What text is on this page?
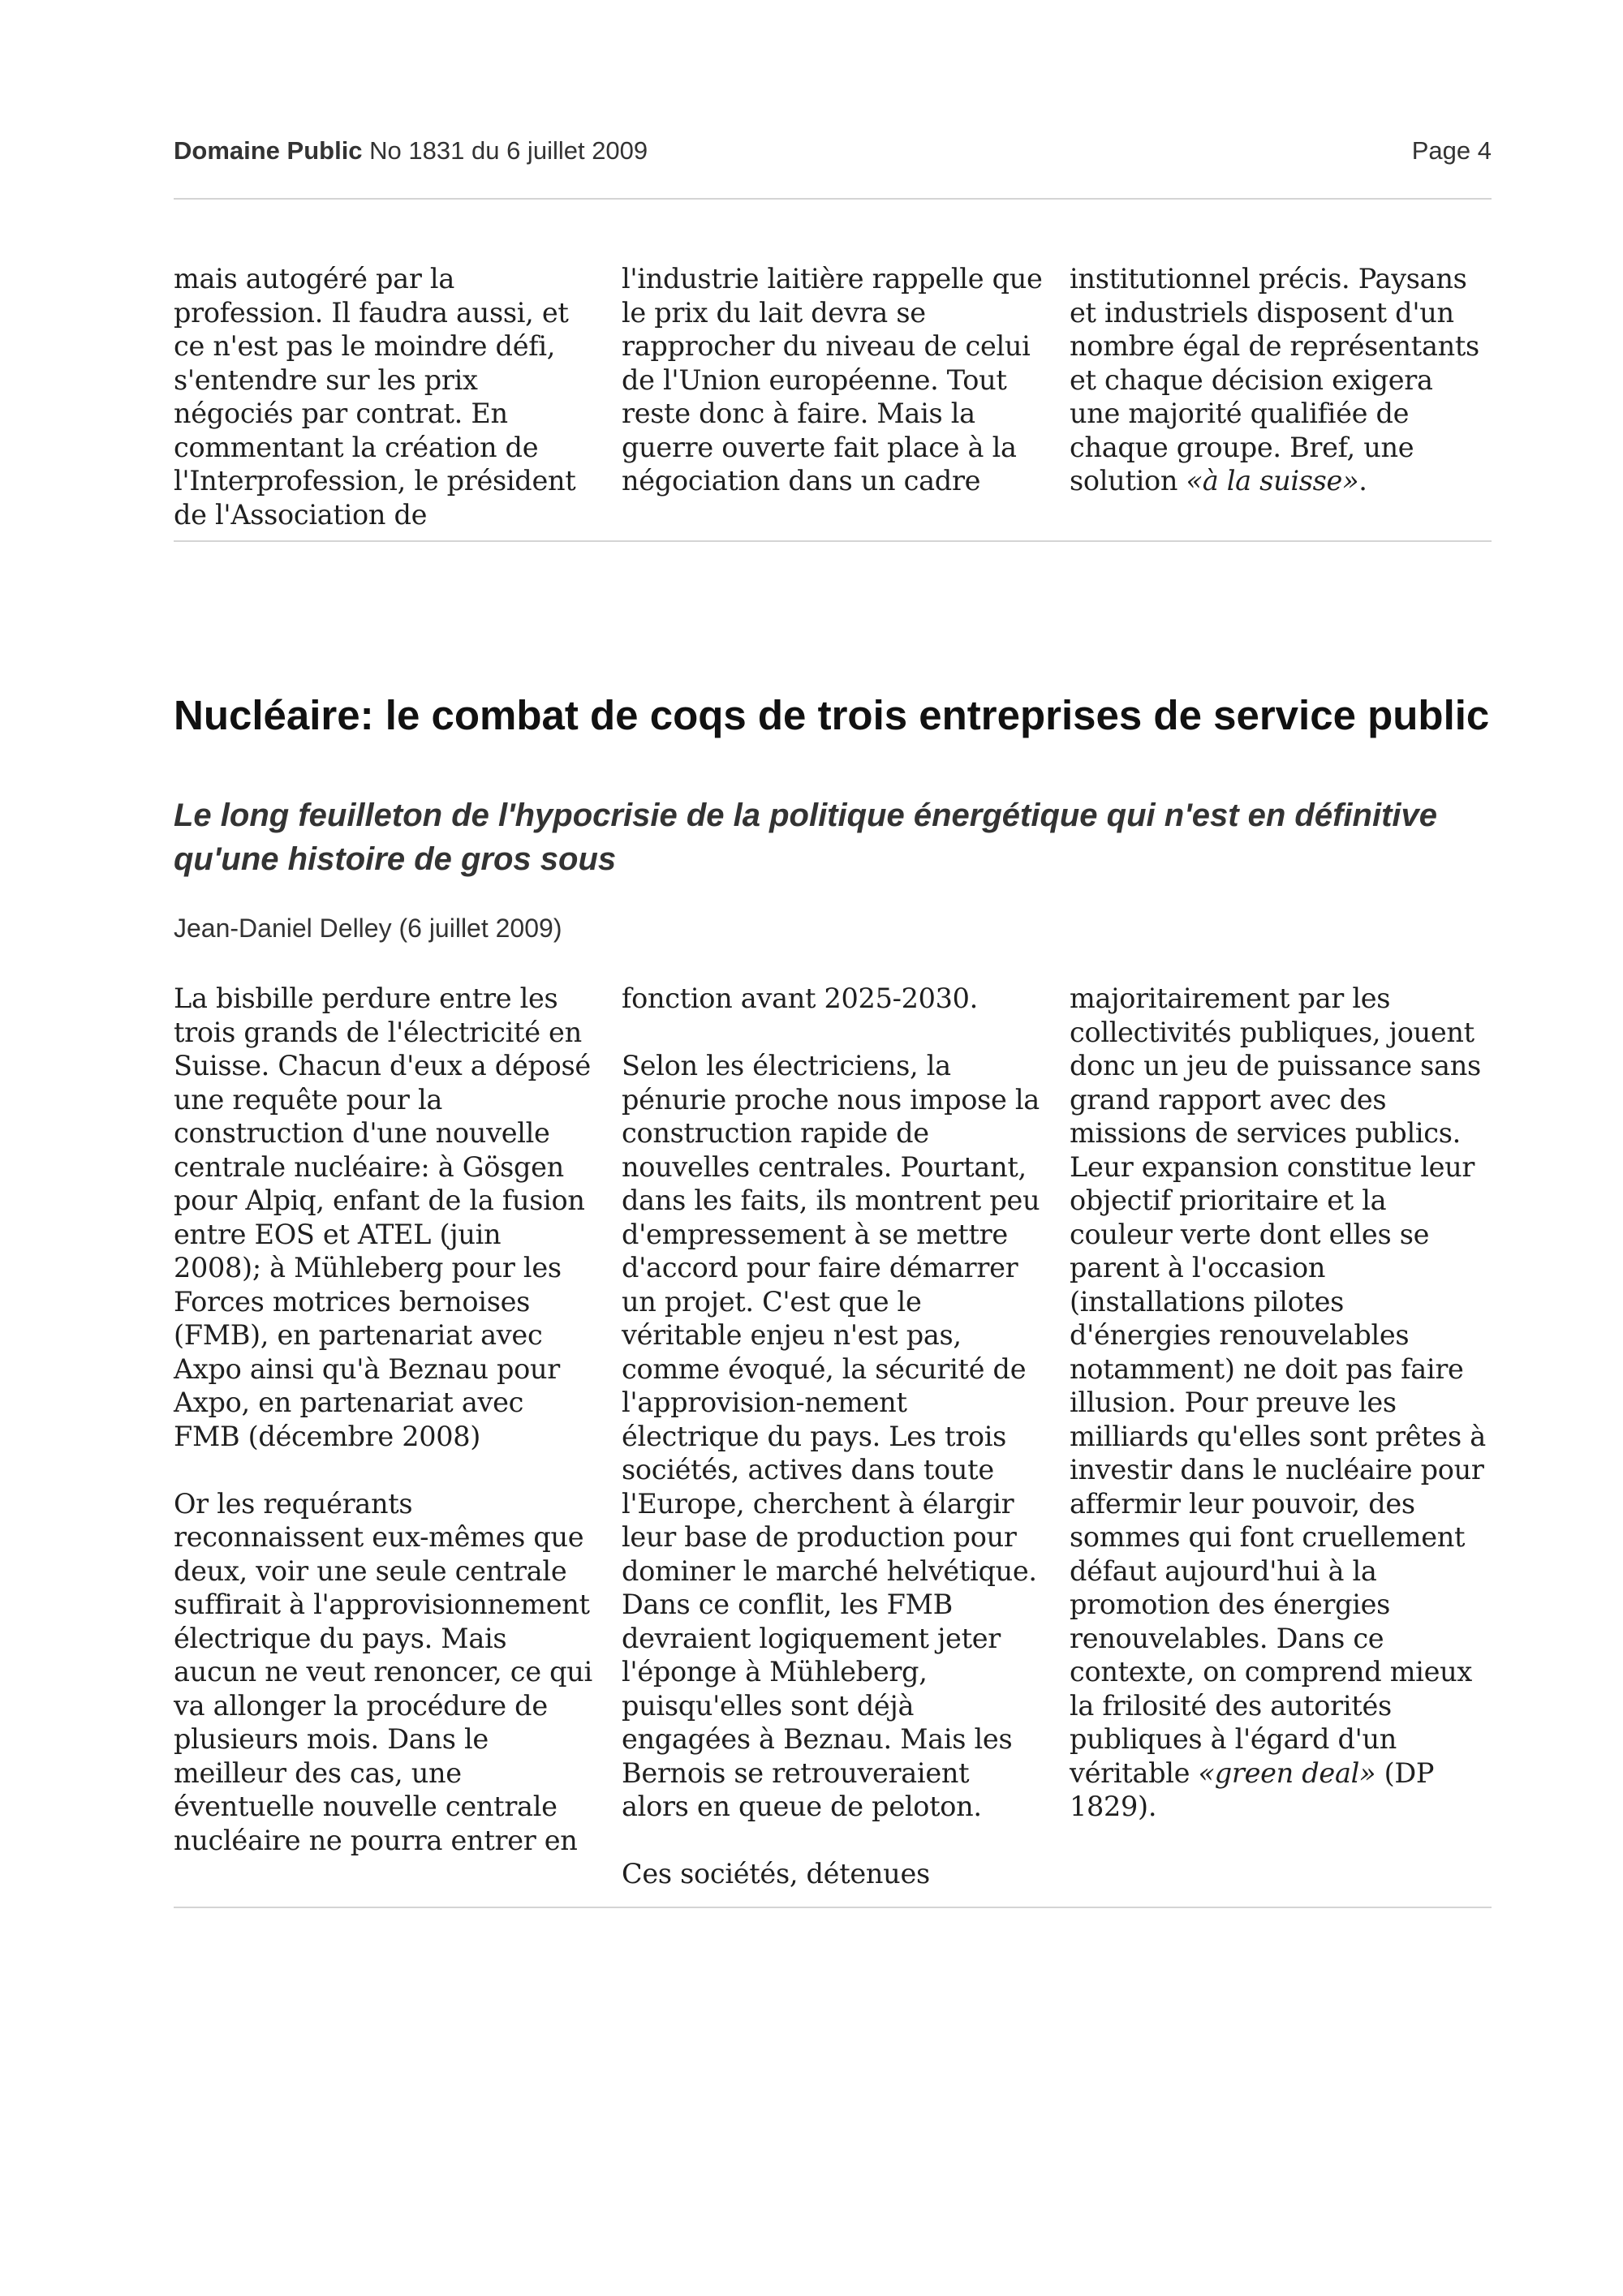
Domaine Public No 1831 du 6 juillet 2009	Page 4

mais autogéré par la profession. Il faudra aussi, et ce n'est pas le moindre défi, s'entendre sur les prix négociés par contrat. En commentant la création de l'Interprofession, le président de l'Association de

l'industrie laitière rappelle que le prix du lait devra se rapprocher du niveau de celui de l'Union européenne. Tout reste donc à faire. Mais la guerre ouverte fait place à la négociation dans un cadre

institutionnel précis. Paysans et industriels disposent d'un nombre égal de représentants et chaque décision exigera une majorité qualifiée de chaque groupe. Bref, une solution «à la suisse».

Nucléaire: le combat de coqs de trois entreprises de service public
Le long feuilleton de l'hypocrisie de la politique énergétique qui n'est en définitive qu'une histoire de gros sous
Jean-Daniel Delley (6 juillet 2009)

La bisbille perdure entre les trois grands de l'électricité en Suisse. Chacun d'eux a déposé une requête pour la construction d'une nouvelle centrale nucléaire: à Gösgen pour Alpiq, enfant de la fusion entre EOS et ATEL (juin 2008); à Mühleberg pour les Forces motrices bernoises (FMB), en partenariat avec Axpo ainsi qu'à Beznau pour Axpo, en partenariat avec FMB (décembre 2008)

Or les requérants reconnaissent eux-mêmes que deux, voir une seule centrale suffirait à l'approvisionnement électrique du pays. Mais aucun ne veut renoncer, ce qui va allonger la procédure de plusieurs mois. Dans le meilleur des cas, une éventuelle nouvelle centrale nucléaire ne pourra entrer en

fonction avant 2025-2030.

Selon les électriciens, la pénurie proche nous impose la construction rapide de nouvelles centrales. Pourtant, dans les faits, ils montrent peu d'empressement à se mettre d'accord pour faire démarrer un projet. C'est que le véritable enjeu n'est pas, comme évoqué, la sécurité de l'approvision-nement électrique du pays. Les trois sociétés, actives dans toute l'Europe, cherchent à élargir leur base de production pour dominer le marché helvétique. Dans ce conflit, les FMB devraient logiquement jeter l'éponge à Mühleberg, puisqu'elles sont déjà engagées à Beznau. Mais les Bernois se retrouveraient alors en queue de peloton.

Ces sociétés, détenues

majoritairement par les collectivités publiques, jouent donc un jeu de puissance sans grand rapport avec des missions de services publics. Leur expansion constitue leur objectif prioritaire et la couleur verte dont elles se parent à l'occasion (installations pilotes d'énergies renouvelables notamment) ne doit pas faire illusion. Pour preuve les milliards qu'elles sont prêtes à investir dans le nucléaire pour affermir leur pouvoir, des sommes qui font cruellement défaut aujourd'hui à la promotion des énergies renouvelables. Dans ce contexte, on comprend mieux la frilosité des autorités publiques à l'égard d'un véritable «green deal» (DP 1829).
